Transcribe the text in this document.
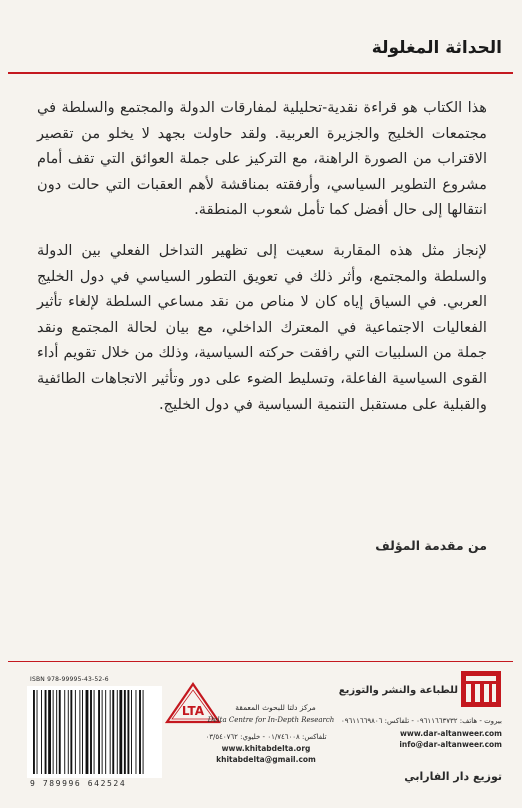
الحداثة المغلولة

هذا الكتاب هو قراءة نقدية-تحليلية لمفارقات الدولة والمجتمع والسلطة في مجتمعات الخليج والجزيرة العربية. ولقد حاولت بجهد لا يخلو من تقصير الاقتراب من الصورة الراهنة، مع التركيز على جملة العوائق التي تقف أمام مشروع التطوير السياسي، وأرفقته بمناقشة لأهم العقبات التي حالت دون انتقالها إلى حال أفضل كما تأمل شعوب المنطقة.

لإنجاز مثل هذه المقاربة سعيت إلى تظهير التداخل الفعلي بين الدولة والسلطة والمجتمع، وأثر ذلك في تعويق التطور السياسي في دول الخليج العربي. في السياق إياه كان لا مناص من نقد مساعي السلطة لإلغاء تأثير الفعاليات الاجتماعية في المعترك الداخلي، مع بيان لحالة المجتمع ونقد جملة من السلبيات التي رافقت حركته السياسية، وذلك من خلال تقويم أداء القوى السياسية الفاعلة، وتسليط الضوء على دور وتأثير الاتجاهات الطائفية والقبلية على مستقبل التنمية السياسية في دول الخليج.

من مقدمة المؤلف
ISBN 978-99995-43-52-6
9 789996 642524
LTA	مركز دلتا للبحوث المعمقة
Delta Centre for In-Depth Research
تلفاكس: ٠١/٧٤٦٠٠٨ - خليوي: ٠٣/٥٤٠٧٦٢
www.khitabdelta.org
khitabdelta@gmail.com
للطباعة والنشر والتوزيع
بيروت - هاتف: ٠٩٦١١٦٦٣٧٣٢ - تلفاكس: ٠٩٦١١٦٦٩٨٠٦
www.dar-altanweer.com
info@dar-altanweer.com
توزيع دار الفارابي
